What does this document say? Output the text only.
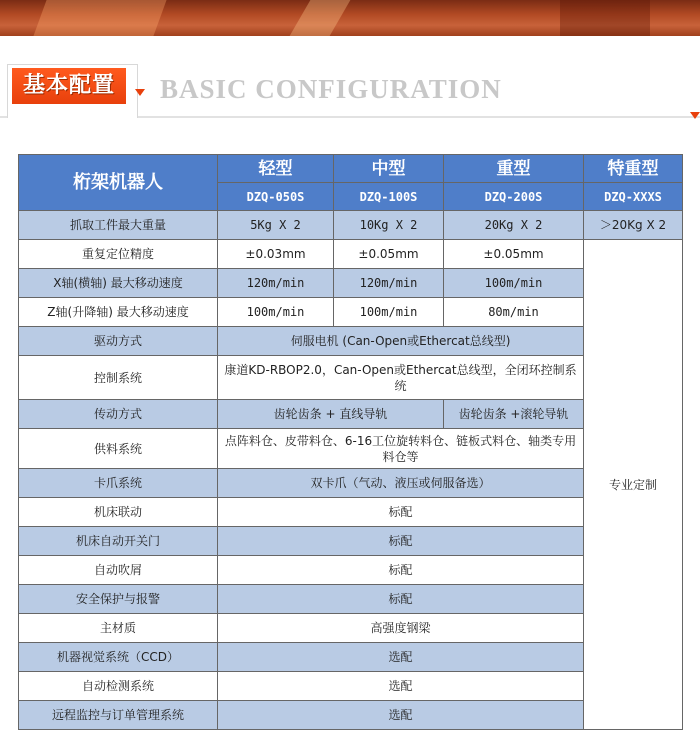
基本配置	BASIC CONFIGURATION
桁架机器人	轻型	中型	重型	特重型
	DZQ-050S	DZQ-100S	DZQ-200S	DZQ-XXXS
抓取工件最大重量	5Kg X 2	10Kg X 2	20Kg X 2	＞20Kg X 2
重复定位精度	±0.03mm	±0.05mm	±0.05mm	专业定制
X轴(横轴) 最大移动速度	120m/min	120m/min	100m/min	
Z轴(升降轴) 最大移动速度	100m/min	100m/min	80m/min	
驱动方式	伺服电机 (Can-Open或Ethercat总线型)			
控制系统	康道KD-RBOP2.0，Can-Open或Ethercat总线型，全闭环控制系统			
传动方式	齿轮齿条 + 直线导轨		齿轮齿条 +滚轮导轨	
供料系统	点阵料仓、皮带料仓、6-16工位旋转料仓、链板式料仓、轴类专用料仓等			
卡爪系统	双卡爪（气动、液压或伺服备选）			
机床联动	标配			
机床自动开关门	标配			
自动吹屑	标配			
安全保护与报警	标配			
主材质	高强度钢梁			
机器视觉系统（CCD）	选配			
自动检测系统	选配			
远程监控与订单管理系统	选配			
